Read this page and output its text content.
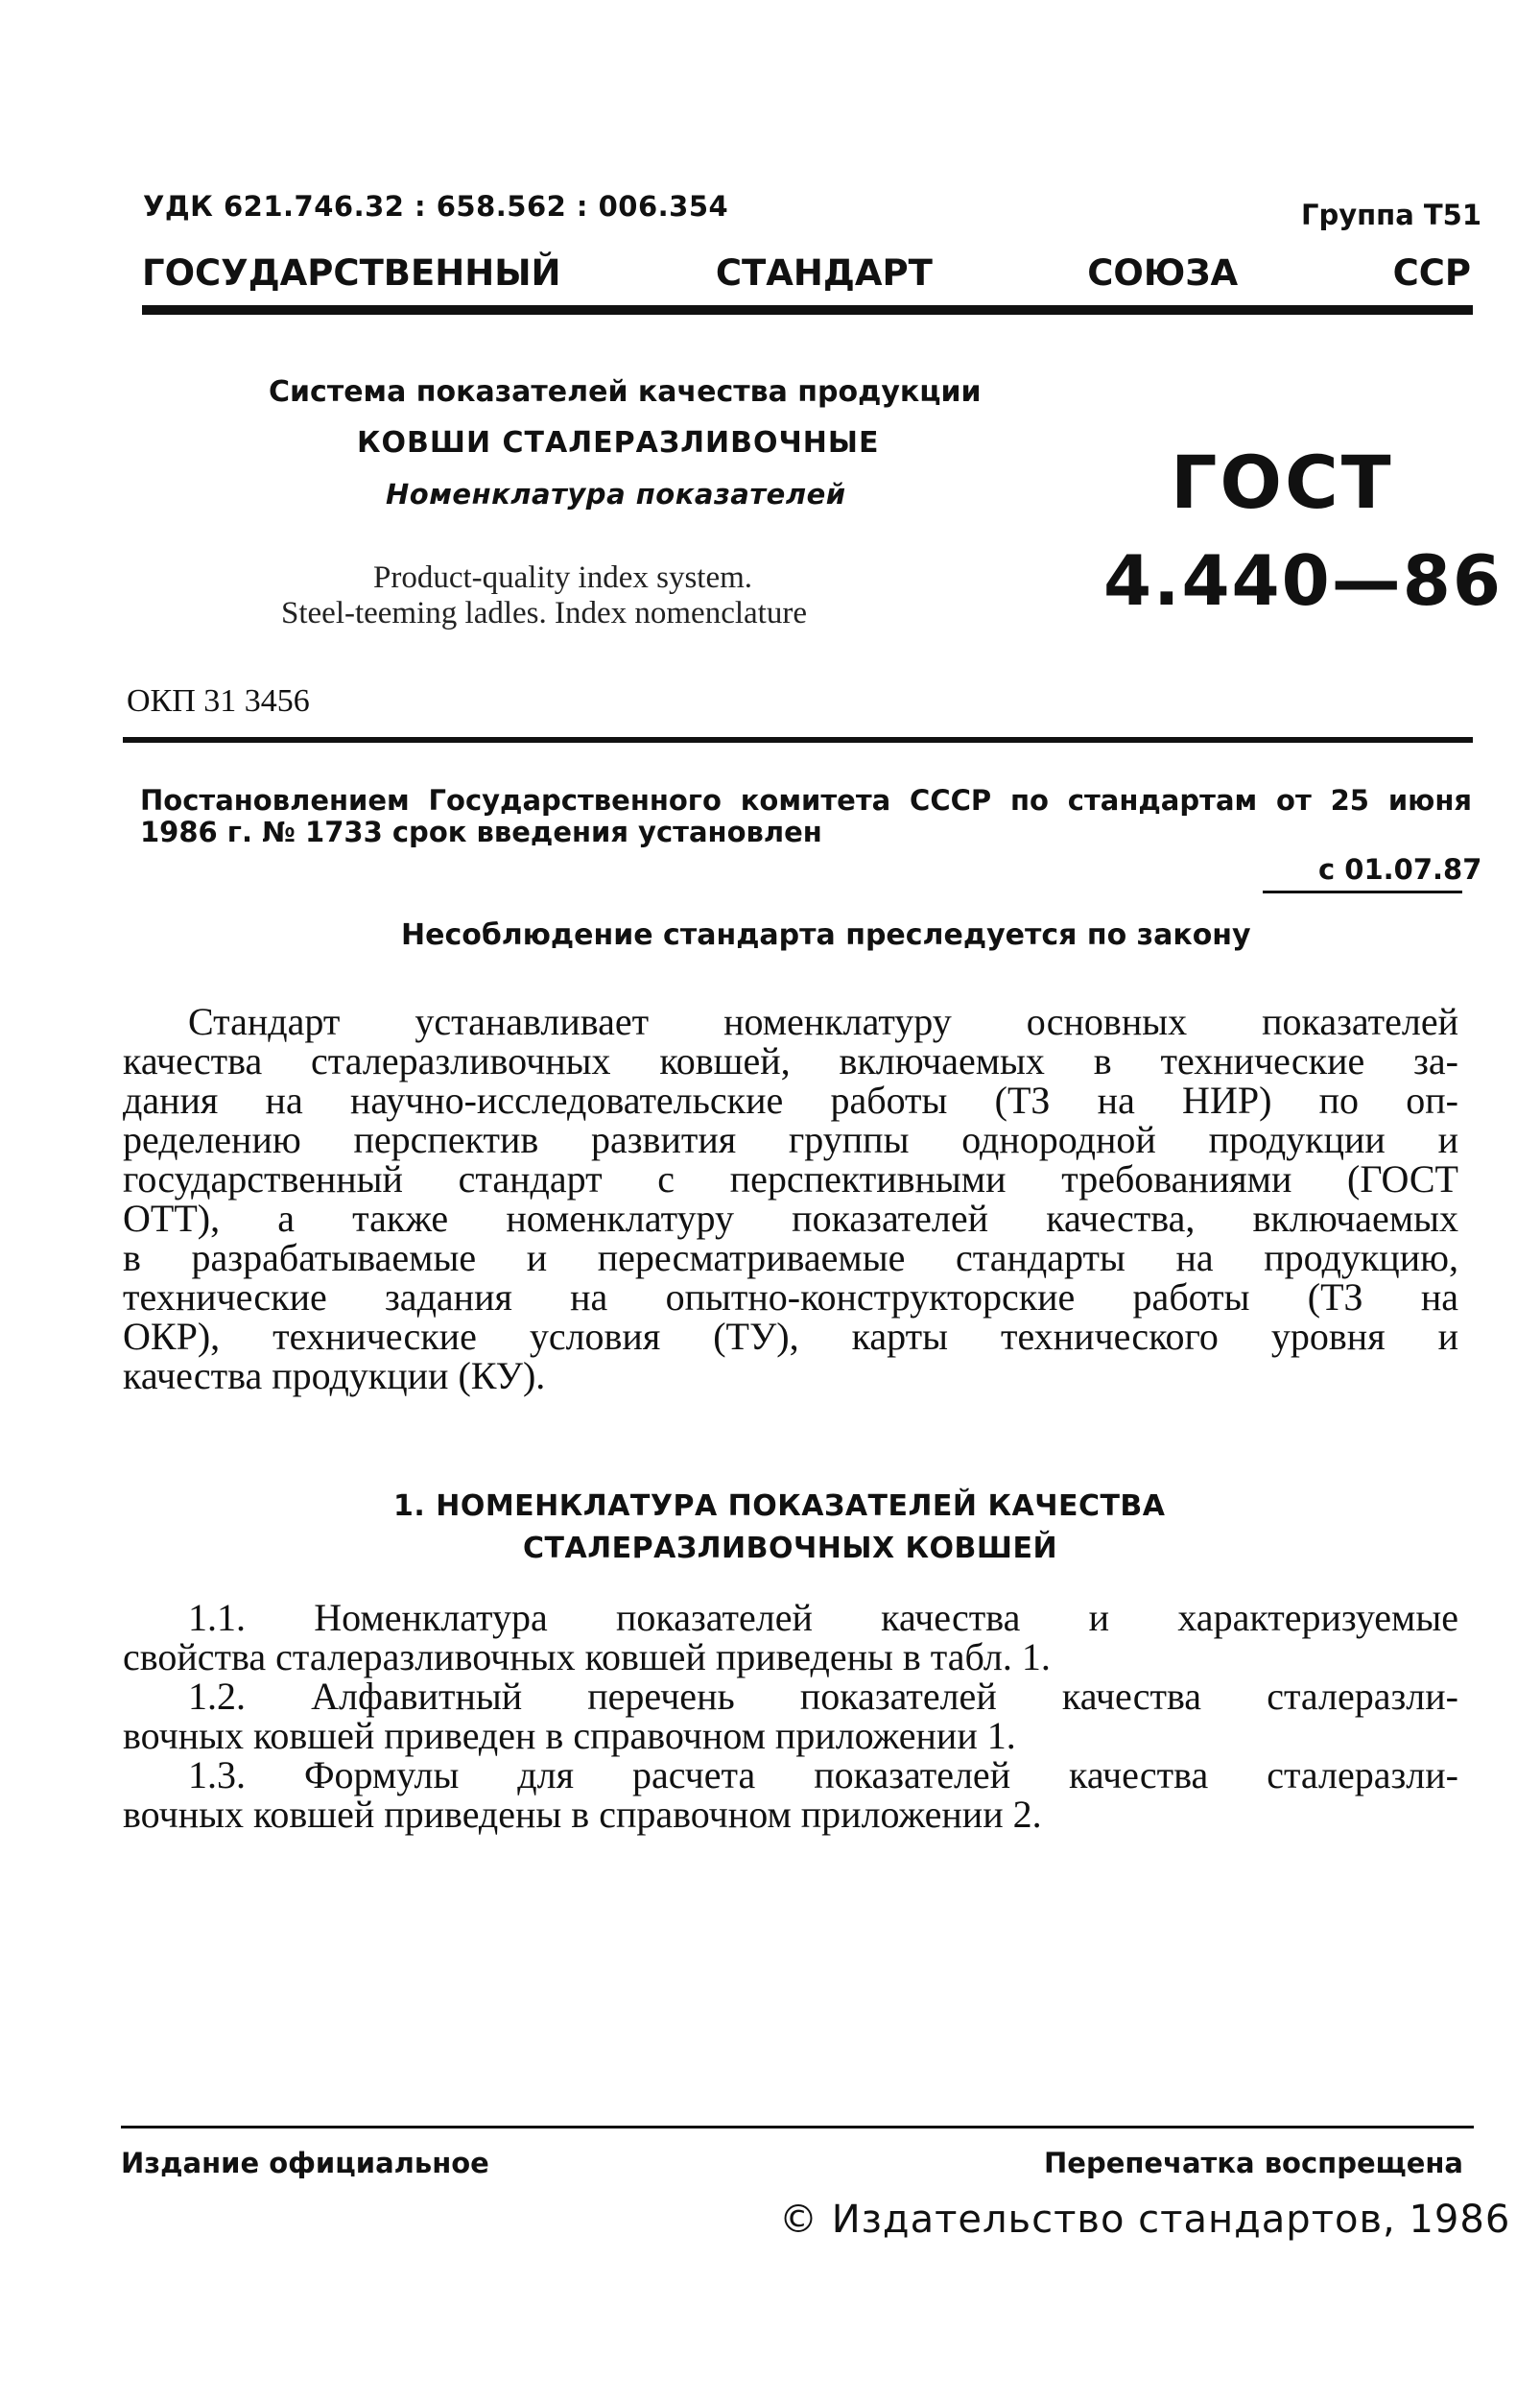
УДК 621.746.32 : 658.562 : 006.354	Группа Т51
ГОСУДАРСТВЕННЫЙ СТАНДАРТ СОЮЗА ССР
Система показателей качества продукции
КОВШИ СТАЛЕРАЗЛИВОЧНЫЕ
Номенклатура показателей
Product-quality index system.
Steel-teeming ladles. Index nomenclature
ГОСТ
4.440—86
ОКП 31 3456
Постановлением Государственного комитета СССР по стандартам от 25 июня
1986 г. № 1733 срок введения установлен
с 01.07.87
Несоблюдение стандарта преследуется по закону
Стандарт устанавливает номенклатуру основных показателей
качества сталеразливочных ковшей, включаемых в технические за-
дания на научно-исследовательские работы (ТЗ на НИР) по оп-
ределению перспектив развития группы однородной продукции и
государственный стандарт с перспективными требованиями (ГОСТ
ОТТ), а также номенклатуру показателей качества, включаемых
в разрабатываемые и пересматриваемые стандарты на продукцию,
технические задания на опытно-конструкторские работы (ТЗ на
ОКР), технические условия (ТУ), карты технического уровня и
качества продукции (КУ).
1. НОМЕНКЛАТУРА ПОКАЗАТЕЛЕЙ КАЧЕСТВА
СТАЛЕРАЗЛИВОЧНЫХ КОВШЕЙ
1.1. Номенклатура показателей качества и характеризуемые
свойства сталеразливочных ковшей приведены в табл. 1.
1.2. Алфавитный перечень показателей качества сталеразли-
вочных ковшей приведен в справочном приложении 1.
1.3. Формулы для расчета показателей качества сталеразли-
вочных ковшей приведены в справочном приложении 2.
Издание официальное	Перепечатка воспрещена
© Издательство стандартов, 1986
